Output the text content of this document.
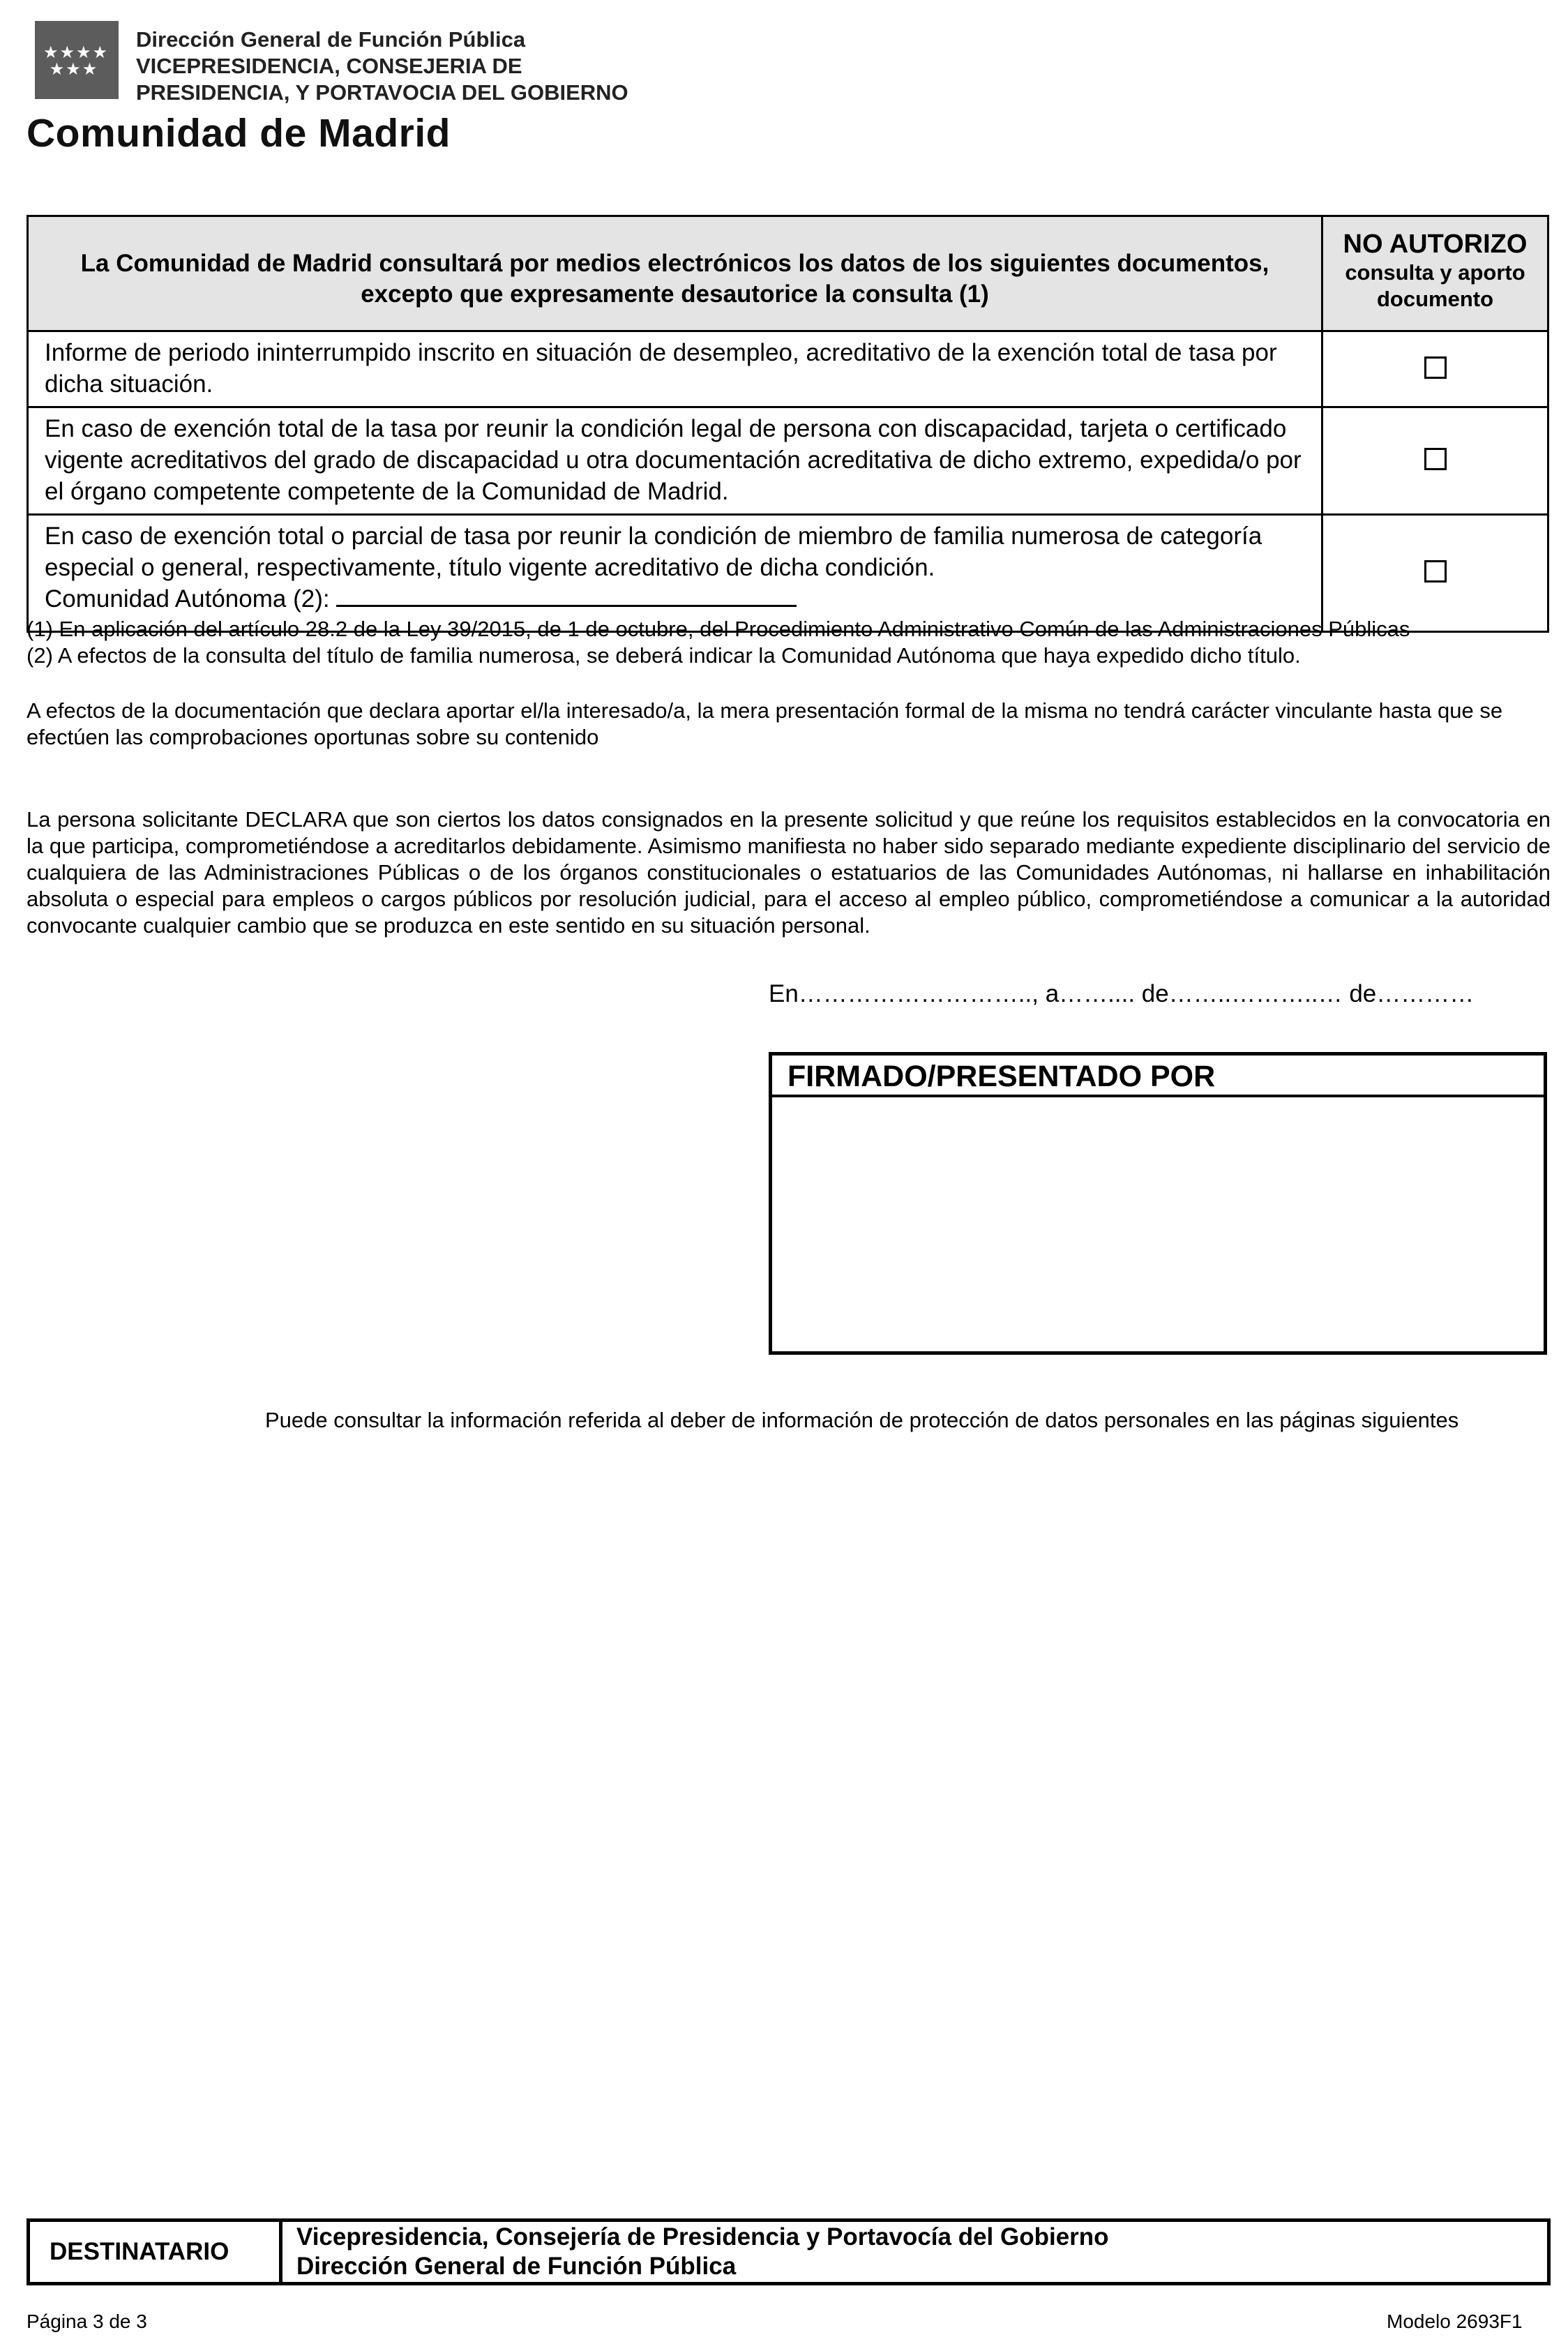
★★★★
★★★
Dirección General de Función Pública
VICEPRESIDENCIA, CONSEJERIA DE
PRESIDENCIA, Y PORTAVOCIA DEL GOBIERNO
Comunidad de Madrid
La Comunidad de Madrid consultará por medios electrónicos los datos de los siguientes documentos, excepto que expresamente desautorice la consulta (1)	NO AUTORIZO
consulta y aporto documento

Informe de periodo ininterrumpido inscrito en situación de desempleo, acreditativo de la exención total de tasa por dicha situación.	

En caso de exención total de la tasa por reunir la condición legal de persona con discapacidad, tarjeta o certificado vigente acreditativos del grado de discapacidad u otra documentación acreditativa de dicho extremo, expedida/o por el órgano competente competente de la Comunidad de Madrid.	

En caso de exención total o parcial de tasa por reunir la condición de miembro de familia numerosa de categoría especial o general, respectivamente, título vigente acreditativo de dicha condición.
Comunidad Autónoma (2):	

(1) En aplicación del artículo 28.2 de la Ley 39/2015, de 1 de octubre, del Procedimiento Administrativo Común de las Administraciones Públicas
(2) A efectos de la consulta del título de familia numerosa, se deberá indicar la Comunidad Autónoma que haya expedido dicho título.
A efectos de la documentación que declara aportar el/la interesado/a, la mera presentación formal de la misma no tendrá carácter vinculante hasta que se efectúen las comprobaciones oportunas sobre su contenido
La persona solicitante DECLARA que son ciertos los datos consignados en la presente solicitud y que reúne los requisitos establecidos en la convocatoria en la que participa, comprometiéndose a acreditarlos debidamente. Asimismo manifiesta no haber sido separado mediante expediente disciplinario del servicio de cualquiera de las Administraciones Públicas o de los órganos constitucionales o estatuarios de las Comunidades Autónomas, ni hallarse en inhabilitación absoluta o especial para empleos o cargos públicos por resolución judicial, para el acceso al empleo público, comprometiéndose a comunicar a la autoridad convocante cualquier cambio que se produzca en este sentido en su situación personal.
En……………………….., a…….... de……..………..… de…………
FIRMADO/PRESENTADO POR
Puede consultar la información referida al deber de información de protección de datos personales en las páginas siguientes
DESTINATARIO	
Vicepresidencia, Consejería de Presidencia y Portavocía del Gobierno
Dirección General de Función Pública
Página 3 de 3	Modelo 2693F1
